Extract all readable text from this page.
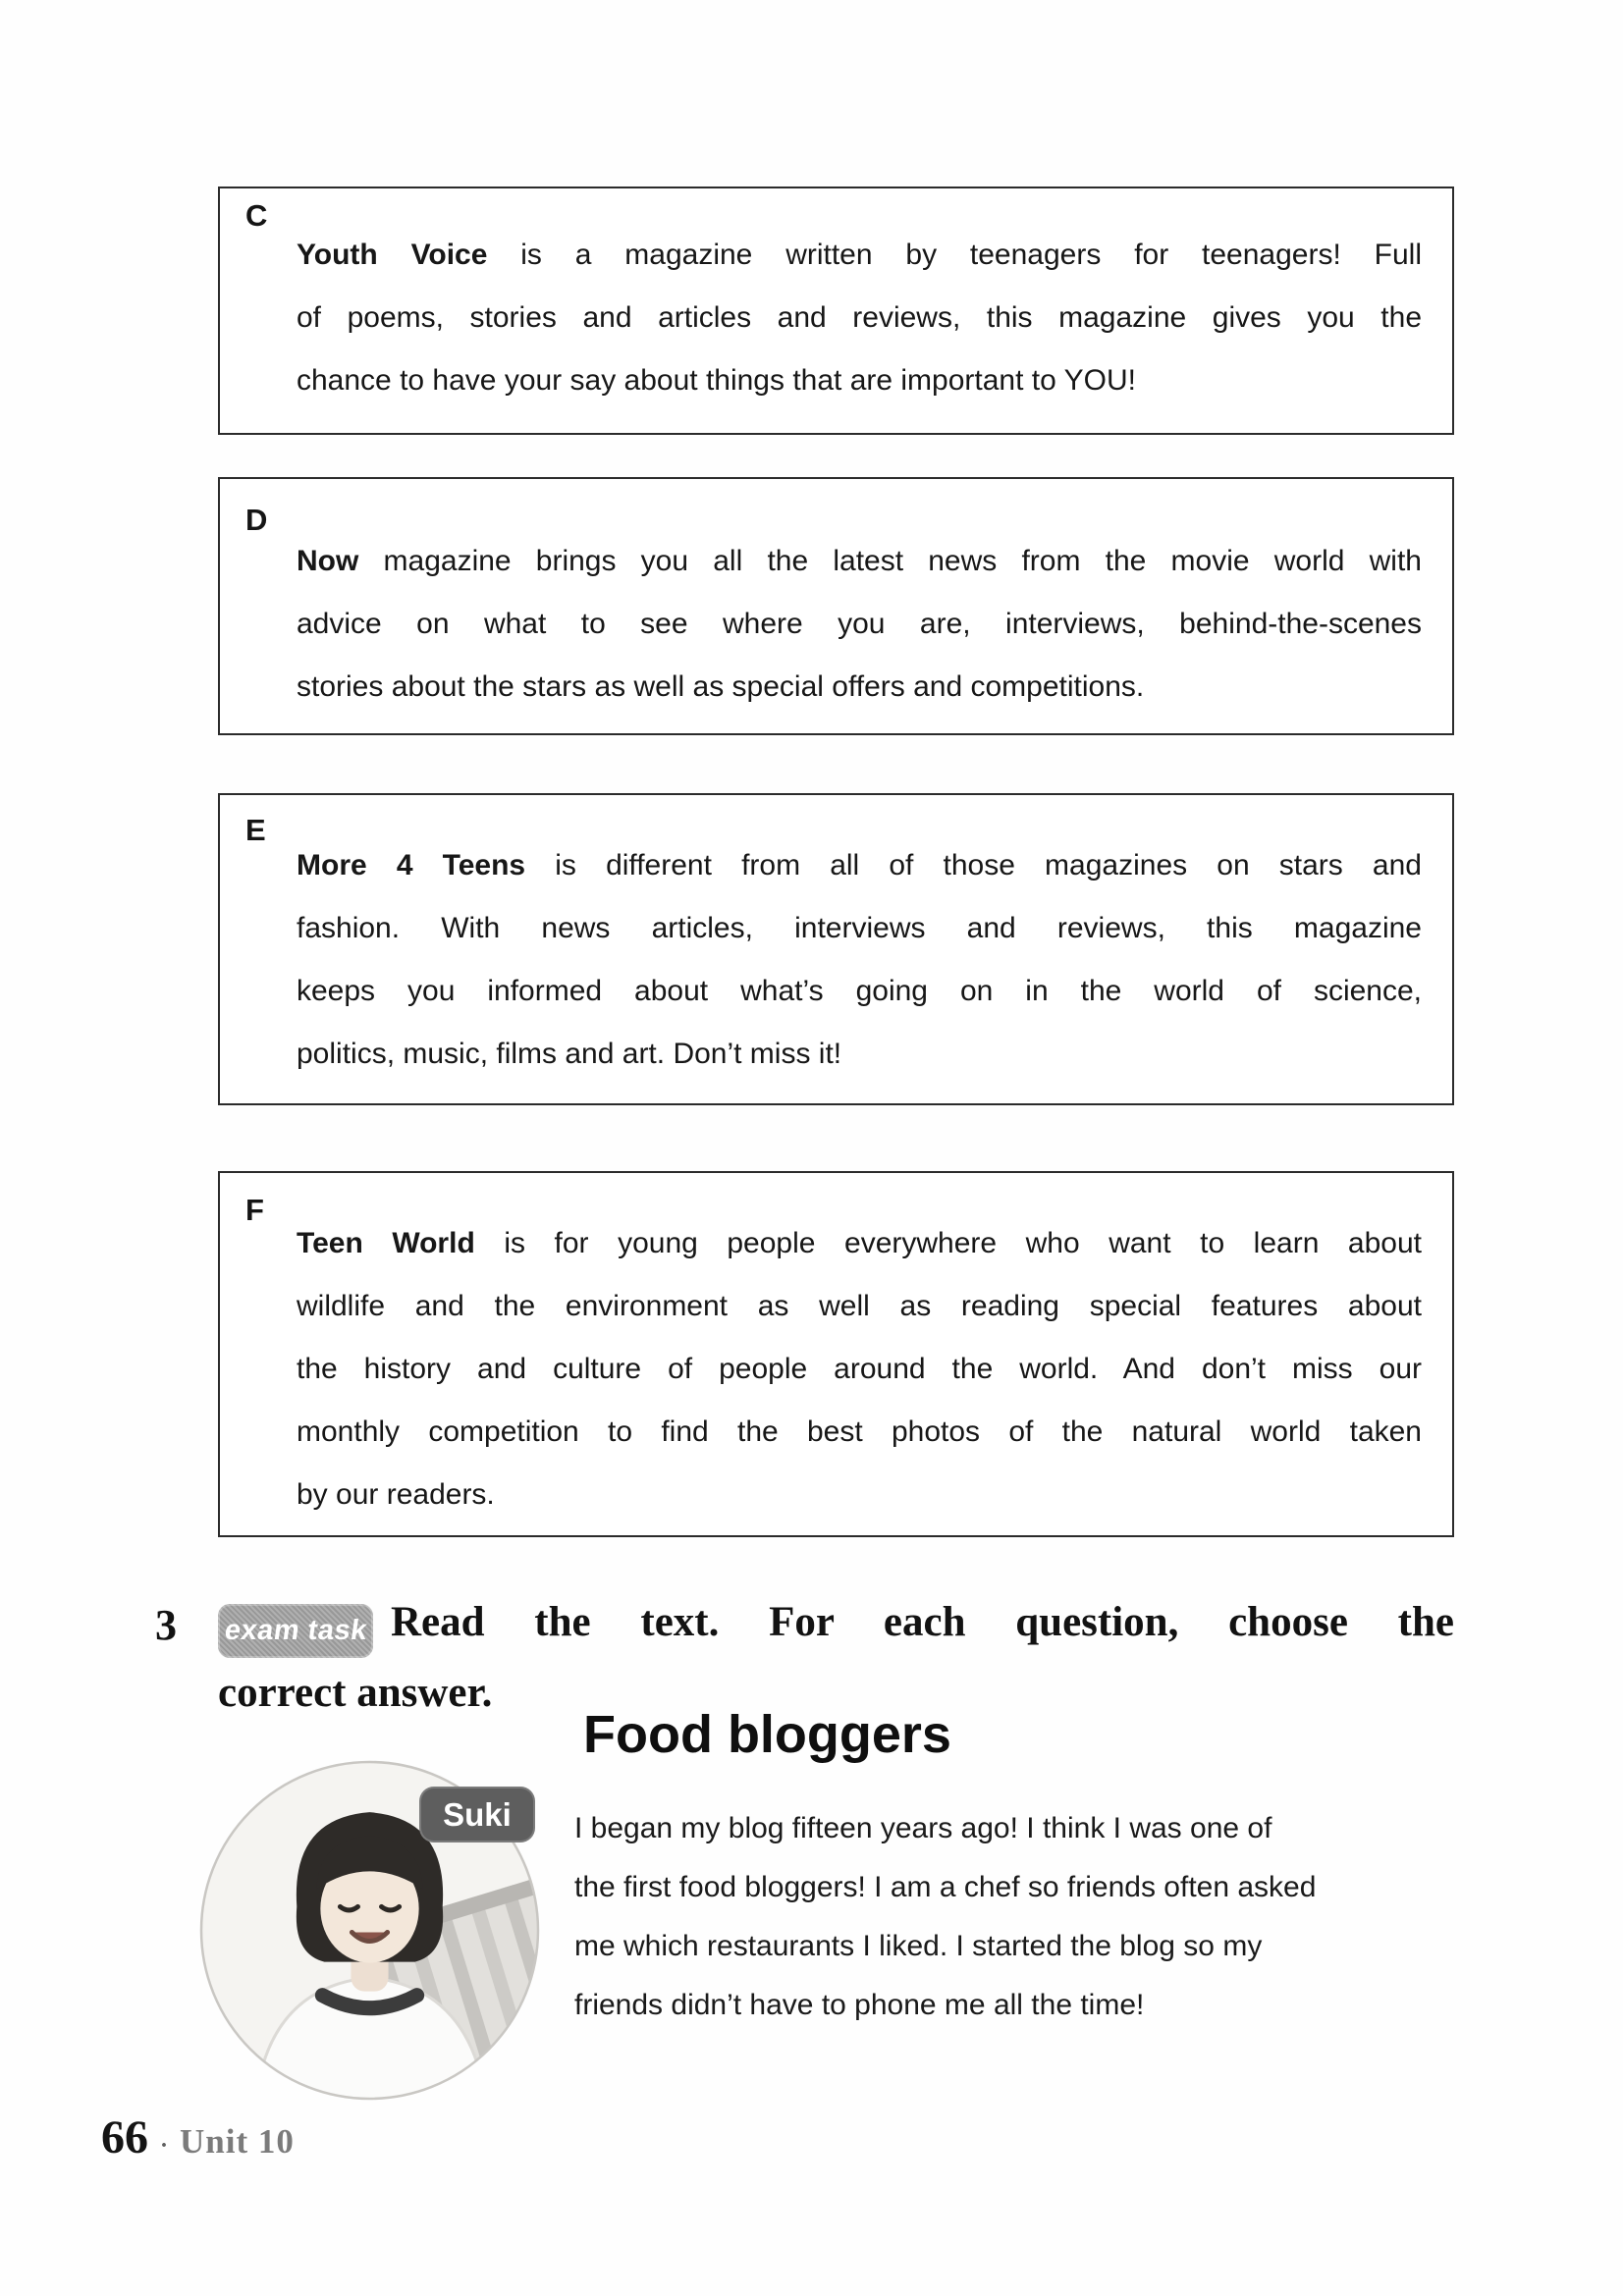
C
Youth Voice is a magazine written by teenagers for teenagers! Full
of poems, stories and articles and reviews, this magazine gives you the
chance to have your say about things that are important to YOU!
D
Now magazine brings you all the latest news from the movie world with
advice on what to see where you are, interviews, behind-the-scenes
stories about the stars as well as special offers and competitions.
E
More 4 Teens is different from all of those magazines on stars and
fashion. With news articles, interviews and reviews, this magazine
keeps you informed about what’s going on in the world of science,
politics, music, films and art. Don’t miss it!
F
Teen World is for young people everywhere who want to learn about
wildlife and the environment as well as reading special features about
the history and culture of people around the world. And don’t miss our
monthly competition to find the best photos of the natural world taken
by our readers.
3 exam task Read the text. For each question, choose the
correct answer.
Food bloggers
Suki I began my blog fifteen years ago! I think I was one of
the first food bloggers! I am a chef so friends often asked
me which restaurants I liked. I started the blog so my
friends didn’t have to phone me all the time!
66 · Unit 10
